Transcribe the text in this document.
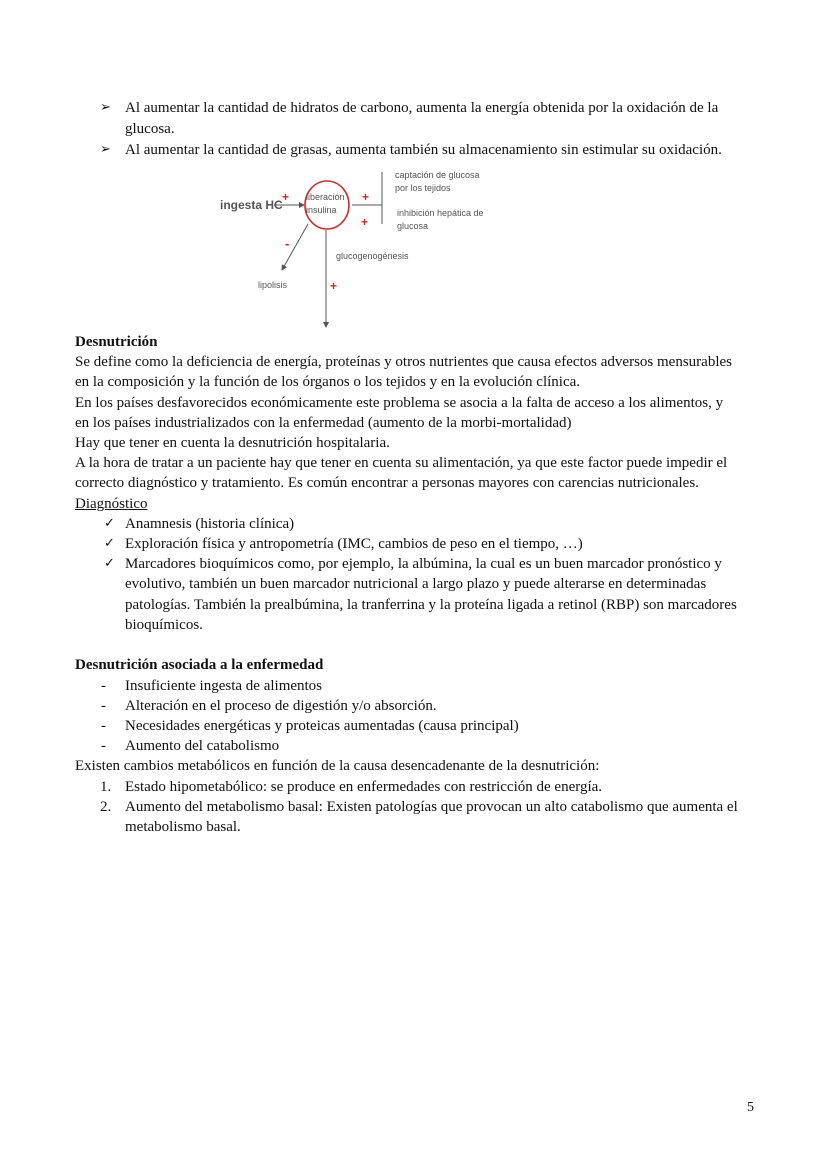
➢ Al aumentar la cantidad de hidratos de carbono, aumenta la energía obtenida por la oxidación de la
glucosa.
➢ Al aumentar la cantidad de grasas, aumenta también su almacenamiento sin estimular su oxidación.
ingesta HC
+ liberación
insulina
+
+
captación de glucosa
por los tejidos
inhibición hepática de
glucosa
-
lipolisis
glucogenogénesis
+
Desnutrición
Se define como la deficiencia de energía, proteínas y otros nutrientes que causa efectos adversos mensurables
en la composición y la función de los órganos o los tejidos y en la evolución clínica.
En los países desfavorecidos económicamente este problema se asocia a la falta de acceso a los alimentos, y
en los países industrializados con la enfermedad (aumento de la morbi-mortalidad)
Hay que tener en cuenta la desnutrición hospitalaria.
A la hora de tratar a un paciente hay que tener en cuenta su alimentación, ya que este factor puede impedir el
correcto diagnóstico y tratamiento. Es común encontrar a personas mayores con carencias nutricionales.
Diagnóstico
✓ Anamnesis (historia clínica)
✓ Exploración física y antropometría (IMC, cambios de peso en el tiempo, …)
✓ Marcadores bioquímicos como, por ejemplo, la albúmina, la cual es un buen marcador pronóstico y
evolutivo, también un buen marcador nutricional a largo plazo y puede alterarse en determinadas
patologías. También la prealbúmina, la tranferrina y la proteína ligada a retinol (RBP) son marcadores
bioquímicos.
Desnutrición asociada a la enfermedad
- Insuficiente ingesta de alimentos
- Alteración en el proceso de digestión y/o absorción.
- Necesidades energéticas y proteicas aumentadas (causa principal)
- Aumento del catabolismo
Existen cambios metabólicos en función de la causa desencadenante de la desnutrición:
1. Estado hipometabólico: se produce en enfermedades con restricción de energía.
2. Aumento del metabolismo basal: Existen patologías que provocan un alto catabolismo que aumenta el
metabolismo basal.
5
